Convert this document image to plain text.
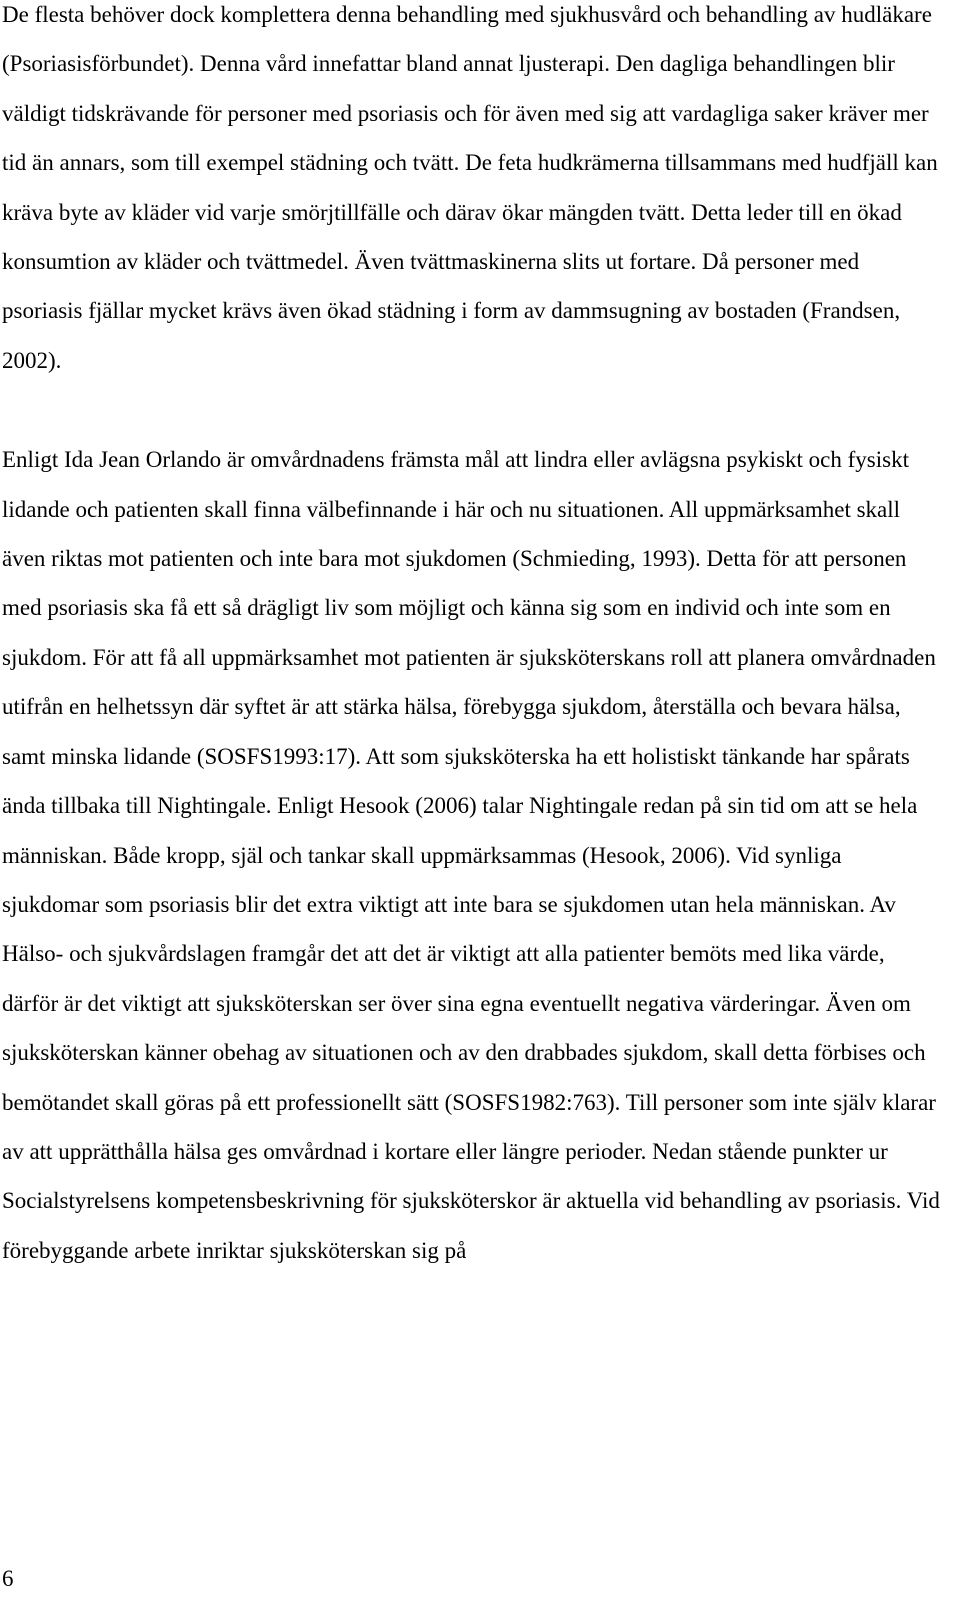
De flesta behöver dock komplettera denna behandling med sjukhusvård och behandling av hudläkare (Psoriasisförbundet). Denna vård innefattar bland annat ljusterapi. Den dagliga behandlingen blir väldigt tidskrävande för personer med psoriasis och för även med sig att vardagliga saker kräver mer tid än annars, som till exempel städning och tvätt. De feta hudkrämerna tillsammans med hudfjäll kan kräva byte av kläder vid varje smörjtillfälle och därav ökar mängden tvätt. Detta leder till en ökad konsumtion av kläder och tvättmedel. Även tvättmaskinerna slits ut fortare. Då personer med psoriasis fjällar mycket krävs även ökad städning i form av dammsugning av bostaden (Frandsen, 2002).

Enligt Ida Jean Orlando är omvårdnadens främsta mål att lindra eller avlägsna psykiskt och fysiskt lidande och patienten skall finna välbefinnande i här och nu situationen. All uppmärksamhet skall även riktas mot patienten och inte bara mot sjukdomen (Schmieding, 1993). Detta för att personen med psoriasis ska få ett så drägligt liv som möjligt och känna sig som en individ och inte som en sjukdom. För att få all uppmärksamhet mot patienten är sjuksköterskans roll att planera omvårdnaden utifrån en helhetssyn där syftet är att stärka hälsa, förebygga sjukdom, återställa och bevara hälsa, samt minska lidande (SOSFS1993:17). Att som sjuksköterska ha ett holistiskt tänkande har spårats ända tillbaka till Nightingale. Enligt Hesook (2006) talar Nightingale redan på sin tid om att se hela människan. Både kropp, själ och tankar skall uppmärksammas (Hesook, 2006). Vid synliga sjukdomar som psoriasis blir det extra viktigt att inte bara se sjukdomen utan hela människan. Av Hälso- och sjukvårdslagen framgår det att det är viktigt att alla patienter bemöts med lika värde, därför är det viktigt att sjuksköterskan ser över sina egna eventuellt negativa värderingar. Även om sjuksköterskan känner obehag av situationen och av den drabbades sjukdom, skall detta förbises och bemötandet skall göras på ett professionellt sätt (SOSFS1982:763). Till personer som inte själv klarar av att upprätthålla hälsa ges omvårdnad i kortare eller längre perioder. Nedan stående punkter ur Socialstyrelsens kompetensbeskrivning för sjuksköterskor är aktuella vid behandling av psoriasis. Vid förebyggande arbete inriktar sjuksköterskan sig på

6
